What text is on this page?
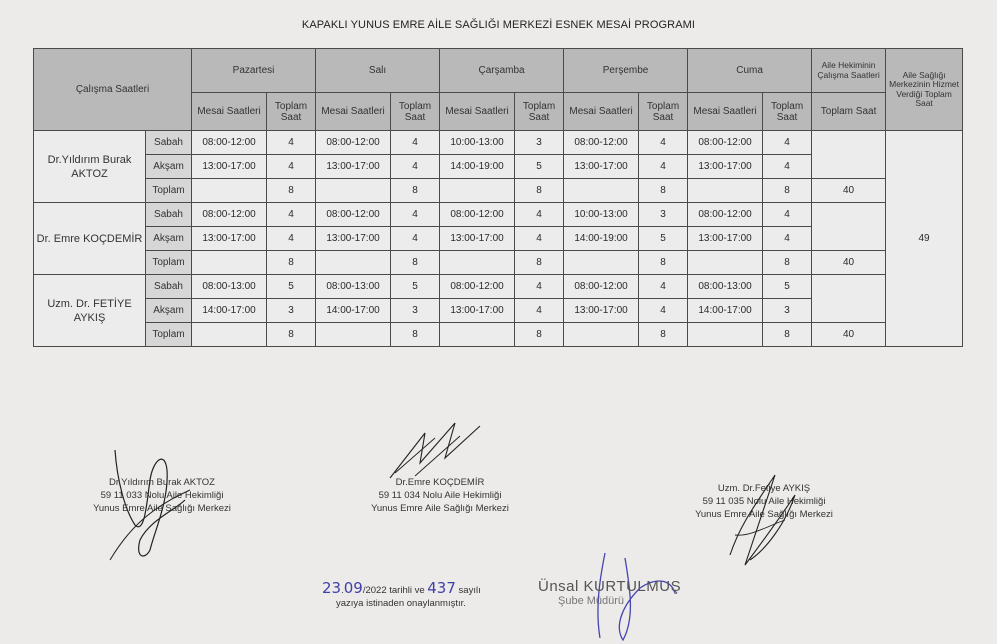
KAPAKLI YUNUS EMRE AİLE SAĞLIĞI MERKEZİ ESNEK MESAİ PROGRAMI
Çalışma Saatleri		Pazartesi		Salı		Çarşamba		Perşembe		Cuma		Aile Hekiminin Çalışma Saatleri	Aile Sağlığı Merkezinin Hizmet Verdiği Toplam Saat
		Mesai Saatleri	Toplam Saat	Mesai Saatleri	Toplam Saat	Mesai Saatleri	Toplam Saat	Mesai Saatleri	Toplam Saat	Mesai Saatleri	Toplam Saat	Toplam Saat	
Dr.Yıldırım Burak AKTOZ	Sabah	08:00-12:00	4	08:00-12:00	4	10:00-13:00	3	08:00-12:00	4	08:00-12:00	4		49
	Akşam	13:00-17:00	4	13:00-17:00	4	14:00-19:00	5	13:00-17:00	4	13:00-17:00	4		
	Toplam		8		8		8		8		8	40	
Dr. Emre KOÇDEMİR	Sabah	08:00-12:00	4	08:00-12:00	4	08:00-12:00	4	10:00-13:00	3	08:00-12:00	4		
	Akşam	13:00-17:00	4	13:00-17:00	4	13:00-17:00	4	14:00-19:00	5	13:00-17:00	4		
	Toplam		8		8		8		8		8	40	
Uzm. Dr. FETİYE AYKIŞ	Sabah	08:00-13:00	5	08:00-13:00	5	08:00-12:00	4	08:00-12:00	4	08:00-13:00	5		
	Akşam	14:00-17:00	3	14:00-17:00	3	13:00-17:00	4	13:00-17:00	4	14:00-17:00	3		
	Toplam		8		8		8		8		8	40	
Dr.Yıldırım Burak AKTOZ
59 11 033 Nolu Aile Hekimliği
Yunus Emre Aile Sağlığı Merkezi
Dr.Emre KOÇDEMİR
59 11 034 Nolu Aile Hekimliği
Yunus Emre Aile Sağlığı Merkezi
Uzm. Dr.Fetiye AYKIŞ
59 11 035 Nolu Aile Hekimliği
Yunus Emre Aile Sağlığı Merkezi
23.09/2022 tarihli ve 437 sayılı
yazıya istinaden onaylanmıştır.
Ünsal KURTULMUŞ
Şube Müdürü
